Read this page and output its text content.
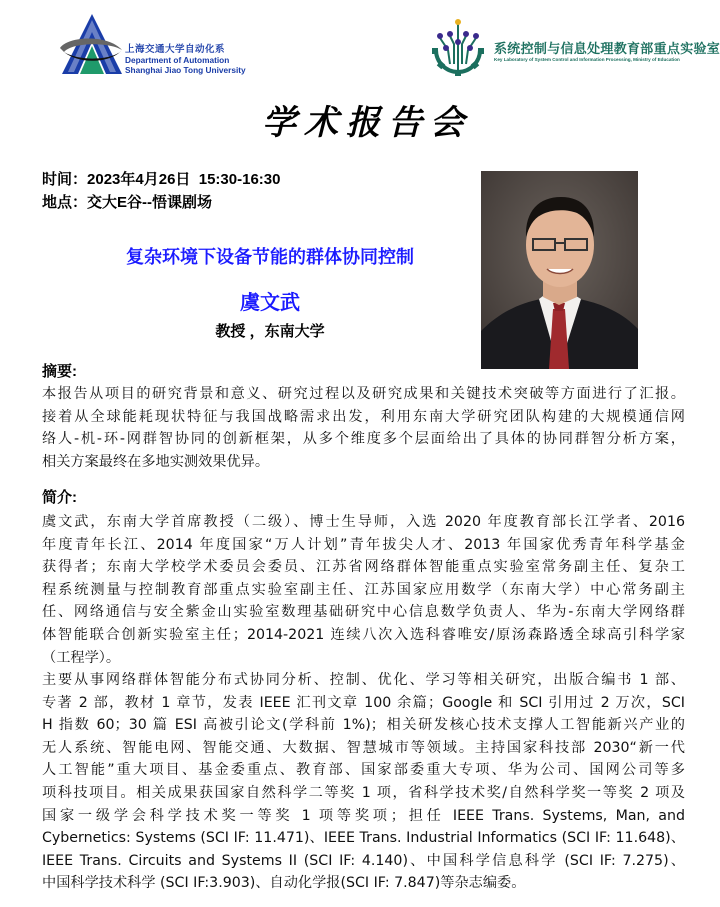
上海交通大学自动化系
Department of Automation
Shanghai Jiao Tong University
系统控制与信息处理教育部重点实验室
Key Laboratory of System Control and Information Processing, Ministry of Education
学术报告会
时间：2023年4月26日  15:30-16:30
地点：交大E谷--悟课剧场
复杂环境下设备节能的群体协同控制
虞文武
教授 ，东南大学
摘要:
本报告从项目的研究背景和意义、研究过程以及研究成果和关键技术突破等方面进行了汇报。
接着从全球能耗现状特征与我国战略需求出发，利用东南大学研究团队构建的大规模通信网
络人-机-环-网群智协同的创新框架，从多个维度多个层面给出了具体的协同群智分析方案，
相关方案最终在多地实测效果优异。
简介:
虞文武，东南大学首席教授（二级）、博士生导师，入选 2020 年度教育部长江学者、2016
年度青年长江、2014 年度国家“万人计划”青年拔尖人才、2013 年国家优秀青年科学基金
获得者；东南大学校学术委员会委员、江苏省网络群体智能重点实验室常务副主任、复杂工
程系统测量与控制教育部重点实验室副主任、江苏国家应用数学（东南大学）中心常务副主
任、网络通信与安全紫金山实验室数理基础研究中心信息数学负责人、华为-东南大学网络群
体智能联合创新实验室主任；2014-2021 连续八次入选科睿唯安/原汤森路透全球高引科学家
（工程学）。
主要从事网络群体智能分布式协同分析、控制、优化、学习等相关研究，出版合编书 1 部、
专著 2 部，教材 1 章节，发表 IEEE 汇刊文章 100 余篇；Google 和 SCI 引用过 2 万次，SCI
H 指数 60；30 篇 ESI 高被引论文(学科前 1%)；相关研发核心技术支撑人工智能新兴产业的
无人系统、智能电网、智能交通、大数据、智慧城市等领域。主持国家科技部 2030“新一代
人工智能”重大项目、基金委重点、教育部、国家部委重大专项、华为公司、国网公司等多
项科技项目。相关成果获国家自然科学二等奖 1 项，省科学技术奖/自然科学奖一等奖 2 项及
国家一级学会科学技术奖一等奖 1 项等奖项；担任 IEEE Trans. Systems, Man, and
Cybernetics: Systems (SCI IF: 11.471)、IEEE Trans. Industrial Informatics (SCI IF: 11.648)、
IEEE Trans. Circuits and Systems II (SCI IF: 4.140)、中国科学信息科学 (SCI IF: 7.275)、
中国科学技术科学 (SCI IF:3.903)、自动化学报(SCI IF: 7.847)等杂志编委。
